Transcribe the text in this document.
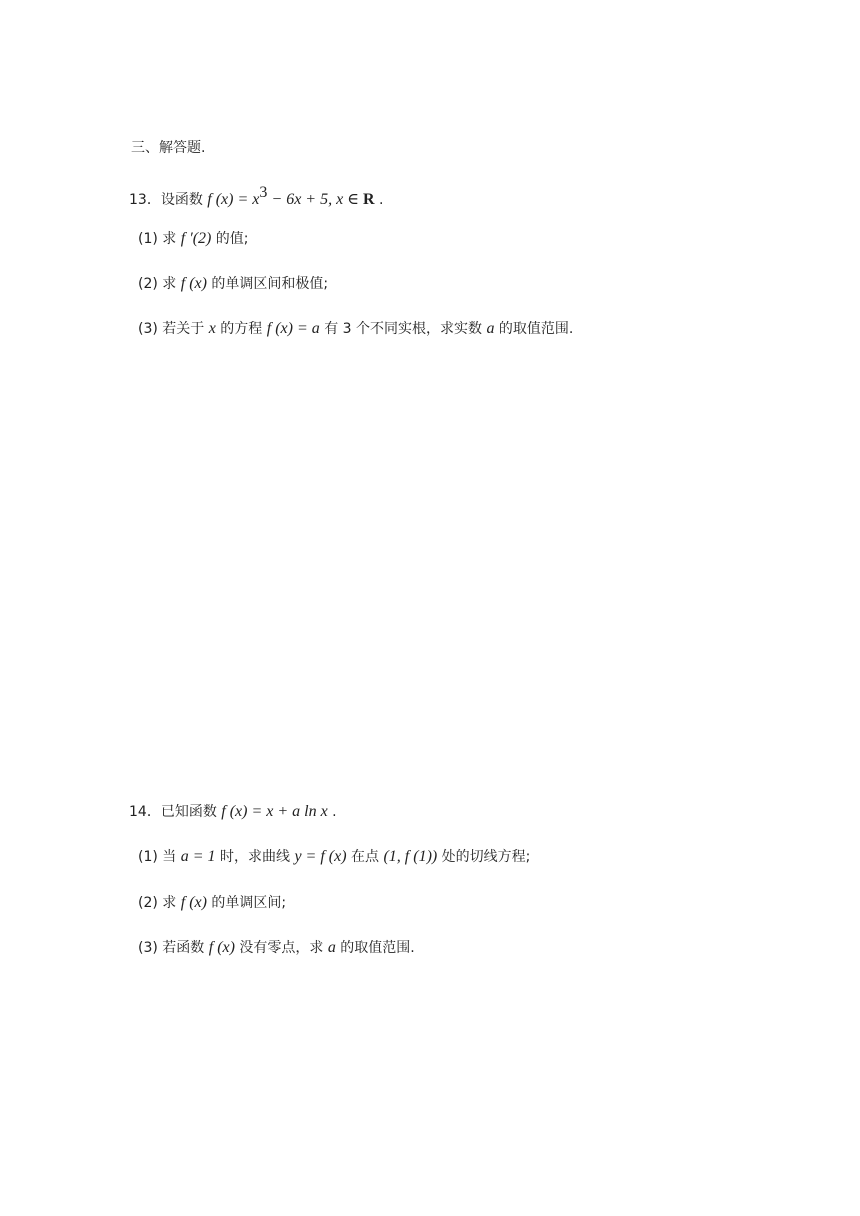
三、解答题.
13．设函数 f $(x) = x^3 - 6x + 5$, x ∈ R .
(1) 求 f ′(2) 的值;
(2) 求 f (x) 的单调区间和极值;
(3) 若关于 x 的方程 f (x) = a 有 3 个不同实根，求实数 a 的取值范围.
14．已知函数 f (x) = x + a ln x .
(1) 当 a = 1 时，求曲线 y = f (x) 在点 (1, f (1)) 处的切线方程;
(2) 求 f (x) 的单调区间;
(3) 若函数 f (x) 没有零点，求 a 的取值范围.
